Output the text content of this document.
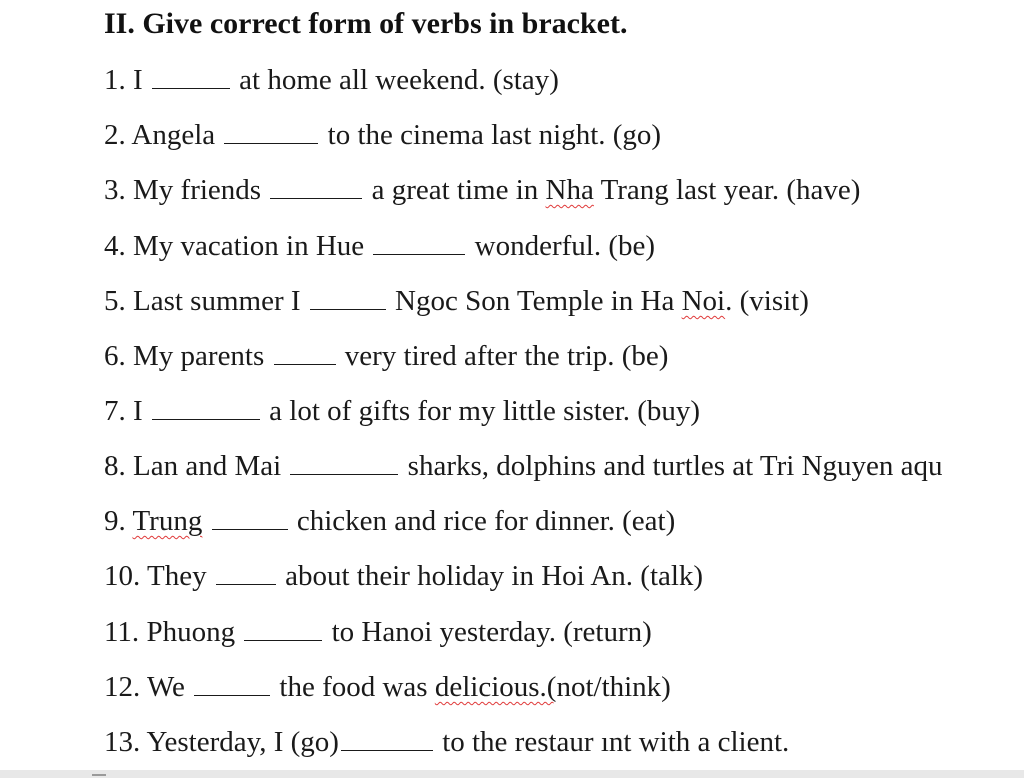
II. Give correct form of verbs in bracket.
1. I	at home all weekend. (stay)
2. Angela	to the cinema last night. (go)
3. My friends	a great time in Nha Trang last year. (have)
4. My vacation in Hue	wonderful. (be)
5. Last summer I	Ngoc Son Temple in Ha Noi. (visit)
6. My parents	very tired after the trip. (be)
7. I	a lot of gifts for my little sister. (buy)
8. Lan and Mai	sharks, dolphins and turtles at Tri Nguyen aqu
9. Trung	chicken and rice for dinner. (eat)
10. They	about their holiday in Hoi An. (talk)
11. Phuong	to Hanoi yesterday. (return)
12. We	the food was delicious.(not/think)
13. Yesterday, I (go)	to the restaur ınt with a client.
